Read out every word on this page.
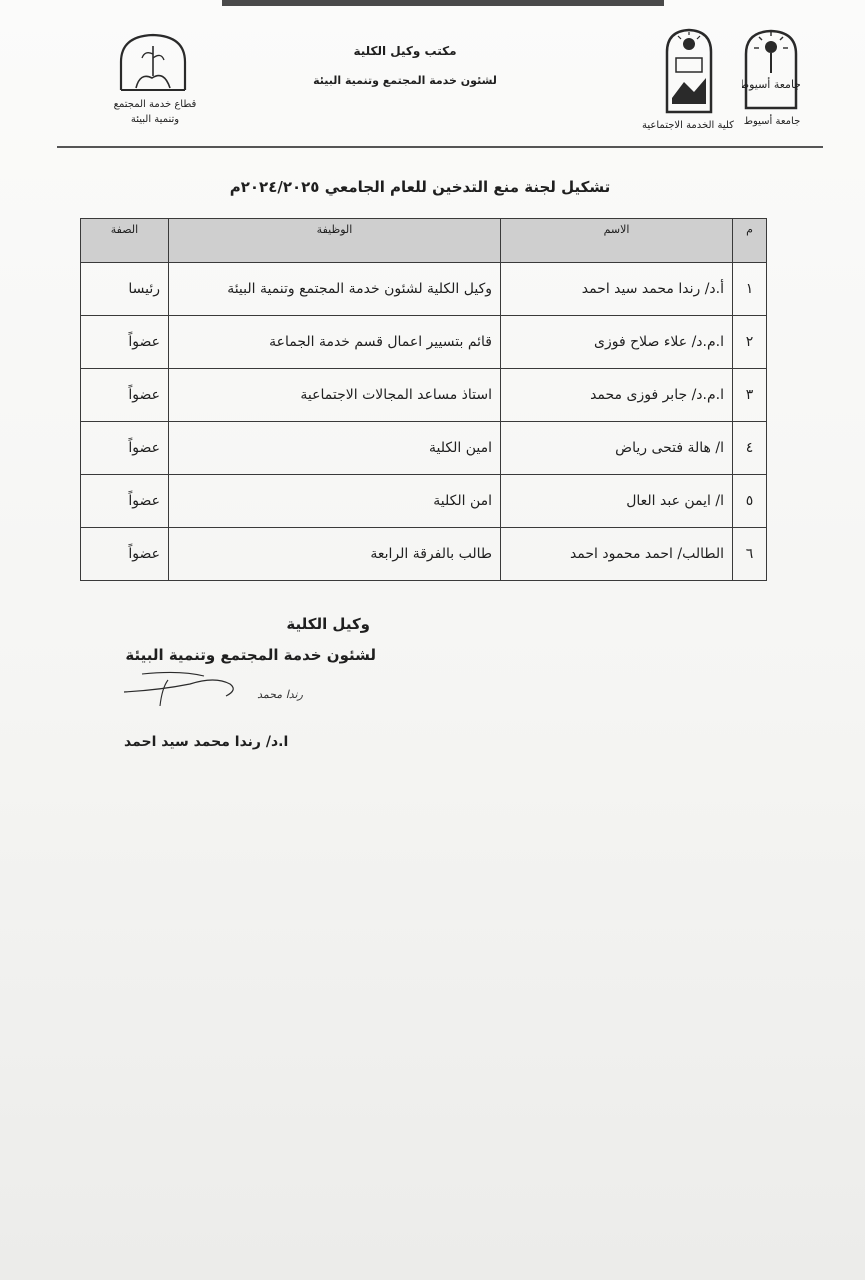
جامعة أسيوط
جامعة أسيوط
كلية الخدمة الاجتماعية
مكتب وكيل الكلية
لشئون خدمة المجتمع وتنمية البيئة
قطاع خدمة المجتمع
وتنمية البيئة
تشكيل لجنة منع التدخين للعام الجامعي ٢٠٢٤/٢٠٢٥م
م	الاسم	الوظيفة	الصفة
١	أ.د/ رندا محمد سيد احمد	وكيل الكلية لشئون خدمة المجتمع وتنمية البيئة	رئيسا
٢	ا.م.د/ علاء صلاح فوزى	قائم بتسيير اعمال قسم خدمة الجماعة	عضواً
٣	ا.م.د/ جابر فوزى محمد	استاذ مساعد المجالات الاجتماعية	عضواً
٤	ا/ هالة فتحى رياض	امين الكلية	عضواً
٥	ا/ ايمن عبد العال	امن الكلية	عضواً
٦	الطالب/ احمد محمود احمد	طالب بالفرقة الرابعة	عضواً
وكيل الكلية
لشئون خدمة المجتمع وتنمية البيئة
رندا محمد
ا.د/ رندا محمد سيد احمد
